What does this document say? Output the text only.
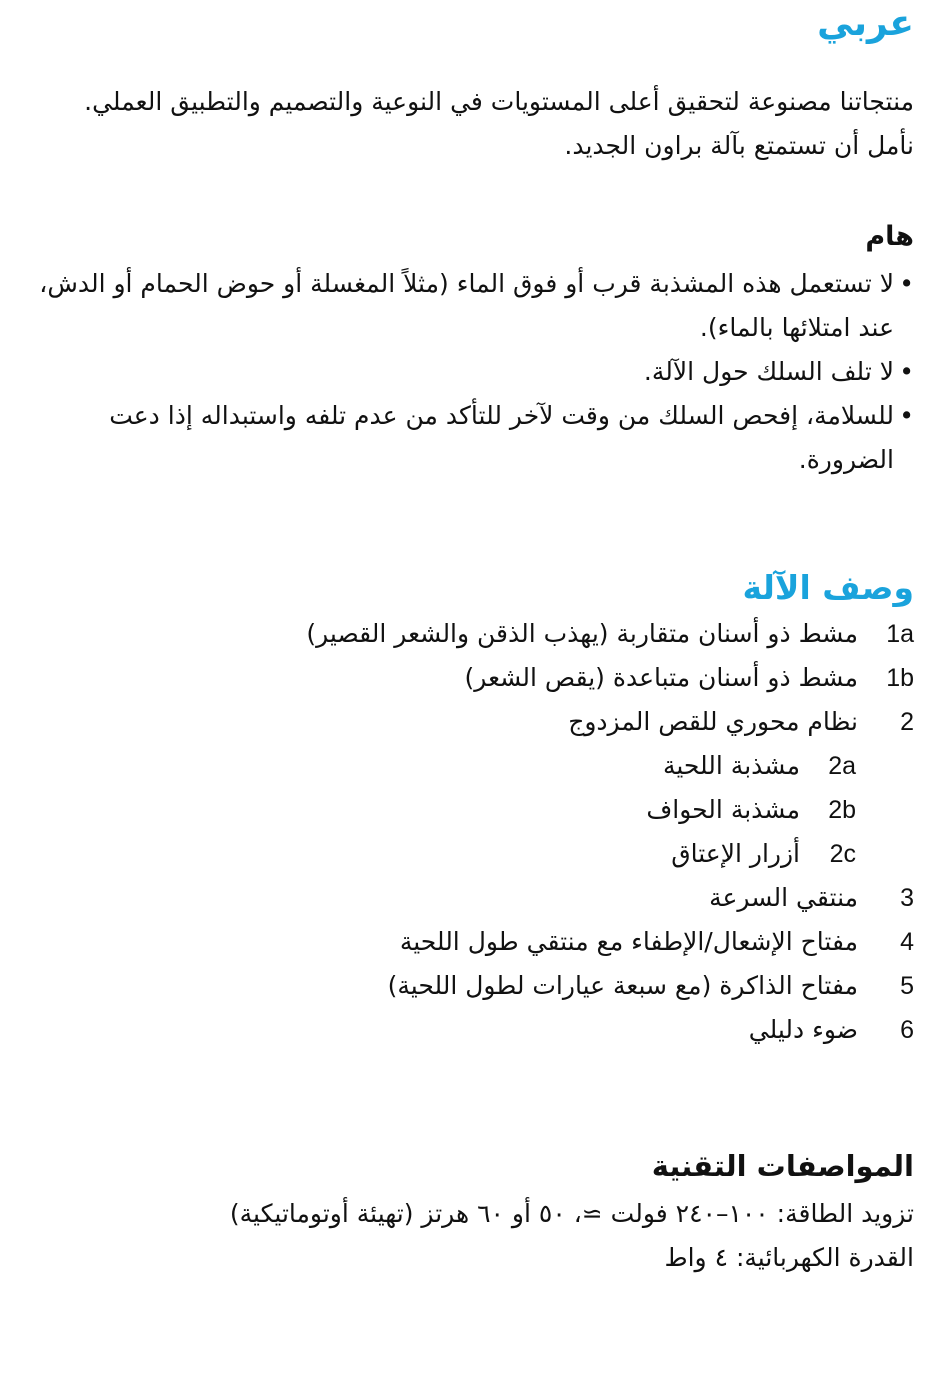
عربي

منتجاتنا مصنوعة لتحقيق أعلى المستويات في النوعية والتصميم والتطبيق العملي.

نأمل أن تستمتع بآلة براون الجديد.

هام
•
لا تستعمل هذه المشذبة قرب أو فوق الماء (مثلاً المغسلة أو حوض الحمام أو الدش، عند امتلائها بالماء).
•
لا تلف السلك حول الآلة.
•
للسلامة، إفحص السلك من وقت لآخر للتأكد من عدم تلفه واستبداله إذا دعت الضرورة.
وصف الآلة
1aمشط ذو أسنان متقاربة (يهذب الذقن والشعر القصير)
1bمشط ذو أسنان متباعدة (يقص الشعر)
2نظام محوري للقص المزدوج
2aمشذبة اللحية
2bمشذبة الحواف
2cأزرار الإعتاق
3منتقي السرعة
4مفتاح الإشعال/الإطفاء مع منتقي طول اللحية
5مفتاح الذاكرة (مع سبعة عيارات لطول اللحية)
6ضوء دليلي
المواصفات التقنية

تزويد الطاقة: ١٠٠–٢٤٠ فولت ≃، ٥٠ أو ٦٠ هرتز (تهيئة أوتوماتيكية)

القدرة الكهربائية: ٤ واط
